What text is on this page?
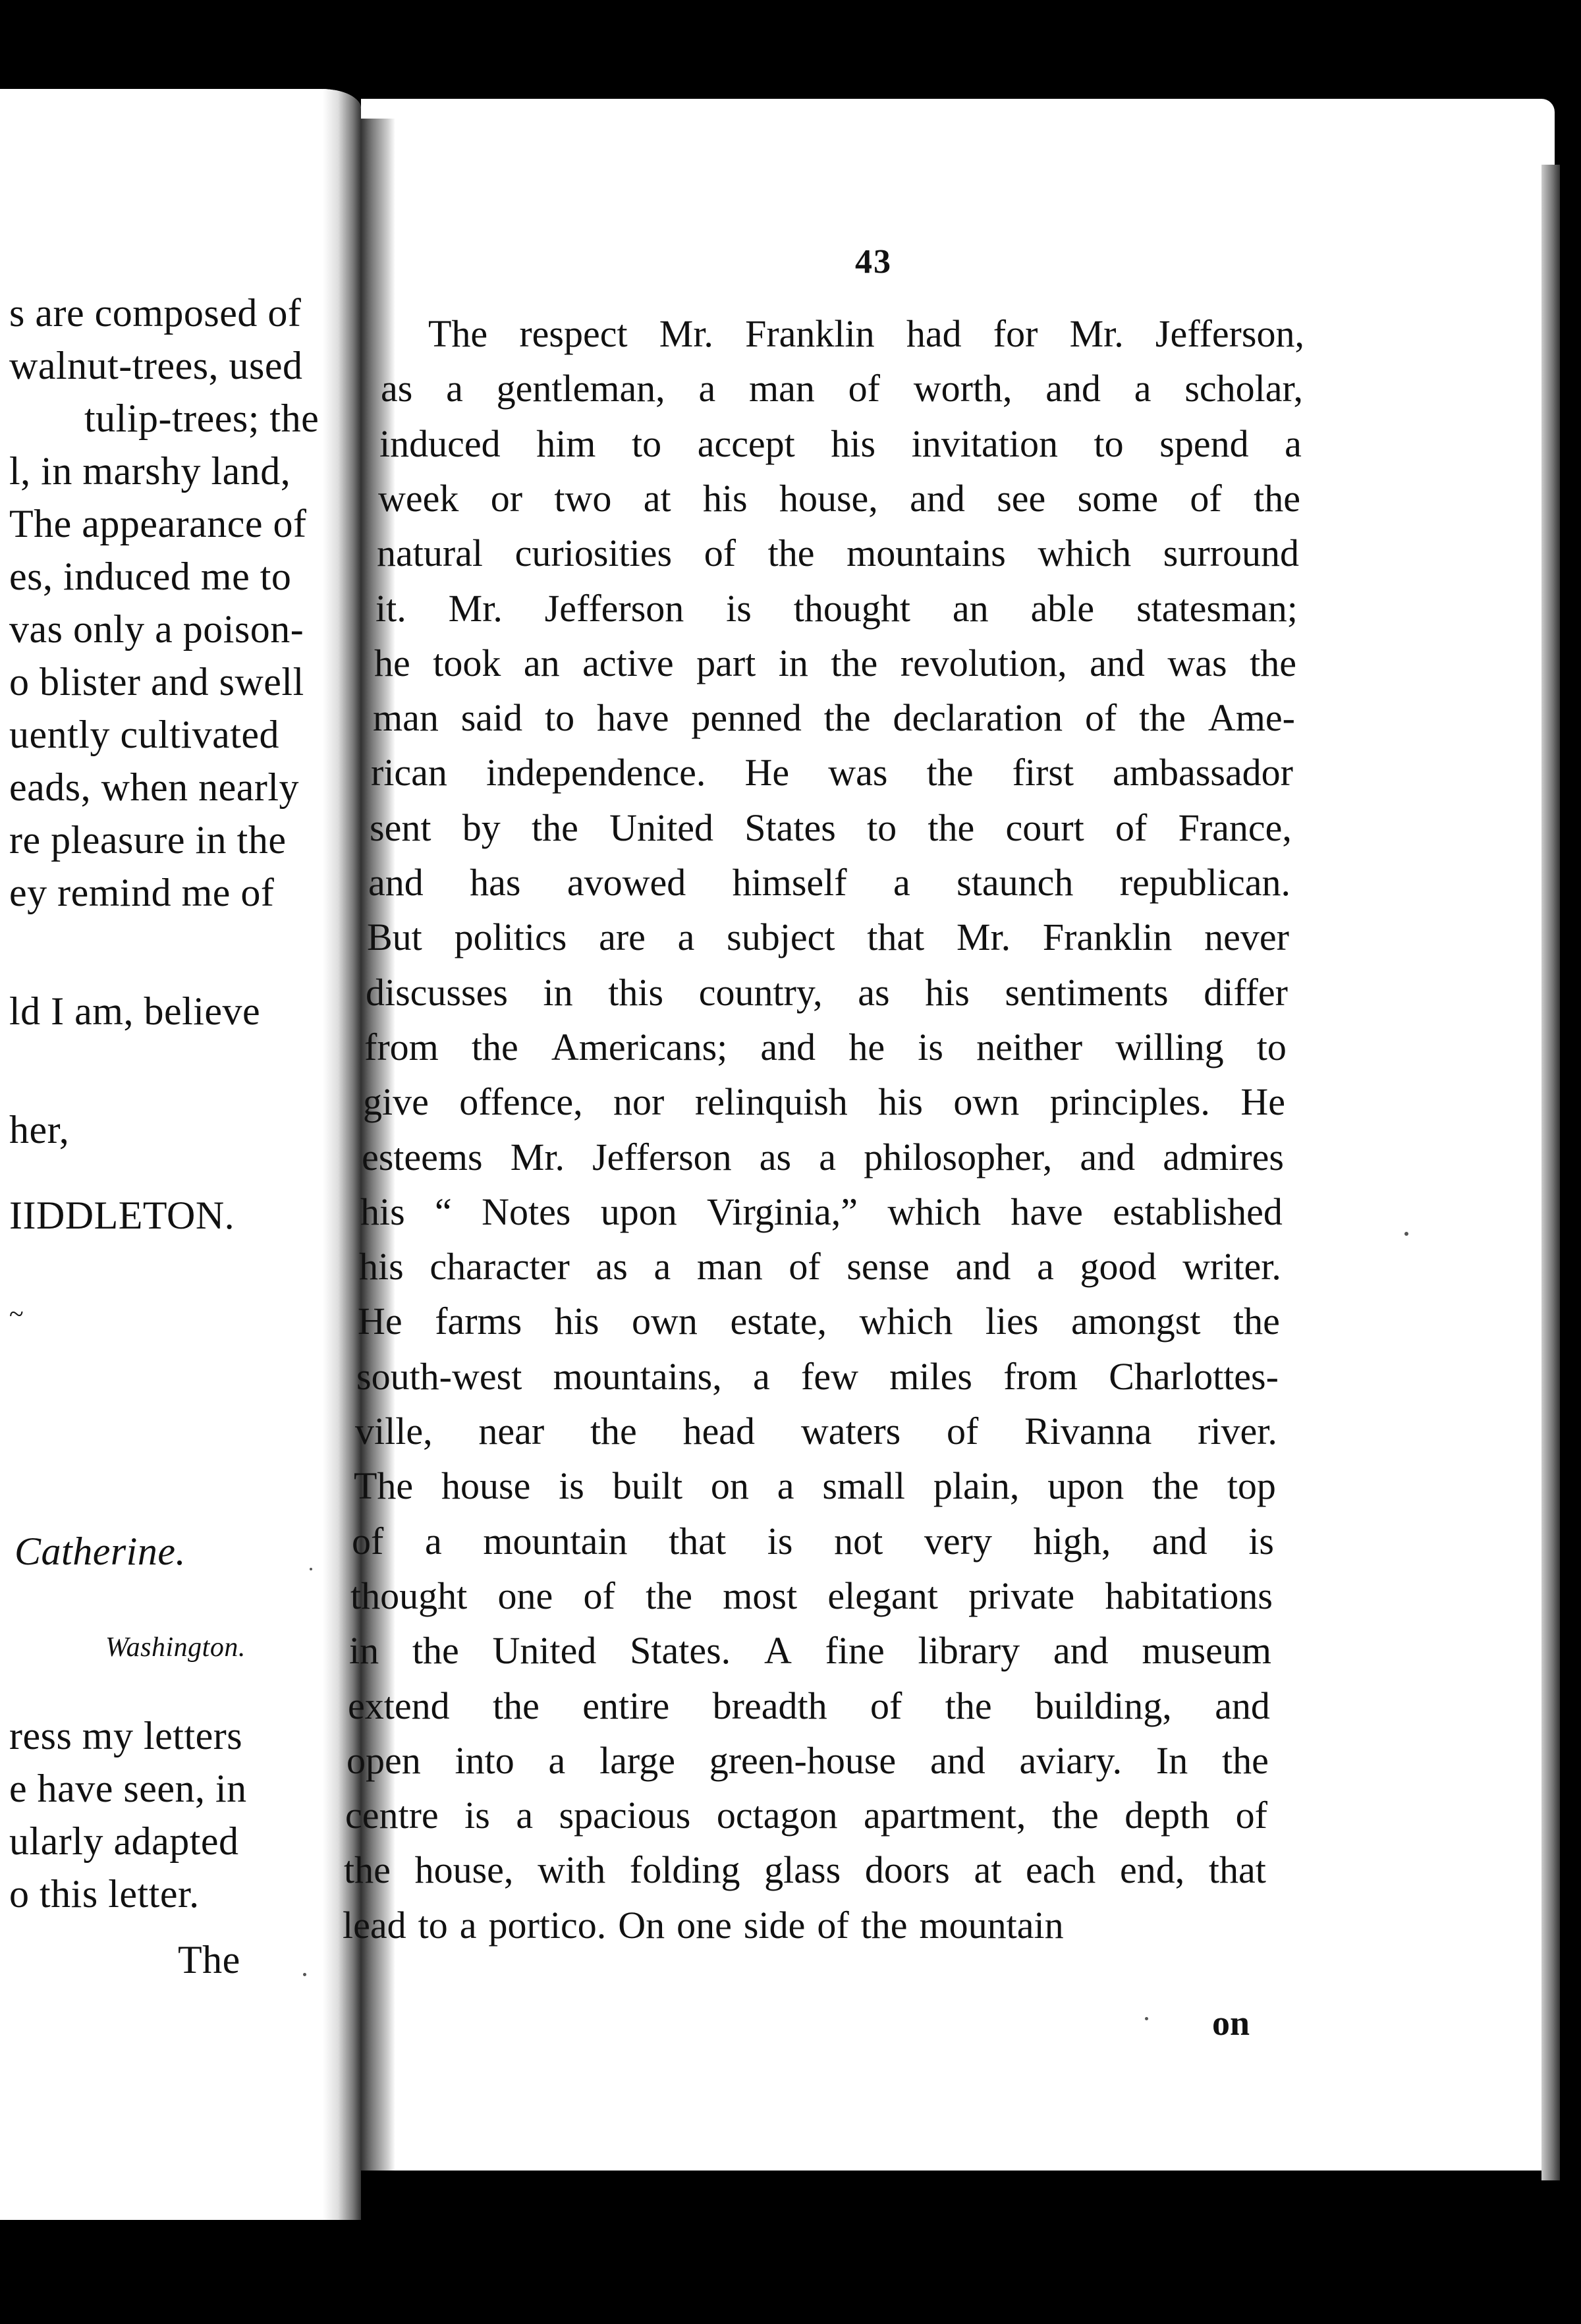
s are composed of
walnut-trees, used
tulip-trees; the
l, in marshy land,
The appearance of
es, induced me to
vas only a poison-
o blister and swell
uently cultivated
eads, when nearly
re pleasure in the
ey remind me of
ld I am, believe
her,
IIDDLETON.
~
Catherine.
Washington.
ress my letters
e have seen, in
ularly adapted
o this letter.
The
43
The respect Mr. Franklin had for Mr. Jefferson,
as a gentleman, a man of worth, and a scholar,
induced him to accept his invitation to spend a
week or two at his house, and see some of the
natural curiosities of the mountains which surround
it. Mr. Jefferson is thought an able statesman;
he took an active part in the revolution, and was the
man said to have penned the declaration of the Ame-
rican independence. He was the first ambassador
sent by the United States to the court of France,
and has avowed himself a staunch republican.
But politics are a subject that Mr. Franklin never
discusses in this country, as his sentiments differ
from the Americans; and he is neither willing to
give offence, nor relinquish his own principles. He
esteems Mr. Jefferson as a philosopher, and admires
his “ Notes upon Virginia,” which have established
his character as a man of sense and a good writer.
He farms his own estate, which lies amongst the
south-west mountains, a few miles from Charlottes-
ville, near the head waters of Rivanna river.
The house is built on a small plain, upon the top
of a mountain that is not very high, and is
thought one of the most elegant private habitations
in the United States. A fine library and museum
extend the entire breadth of the building, and
open into a large green-house and aviary. In the
centre is a spacious octagon apartment, the depth of
the house, with folding glass doors at each end, that
lead to a portico. On one side of the mountain
on
